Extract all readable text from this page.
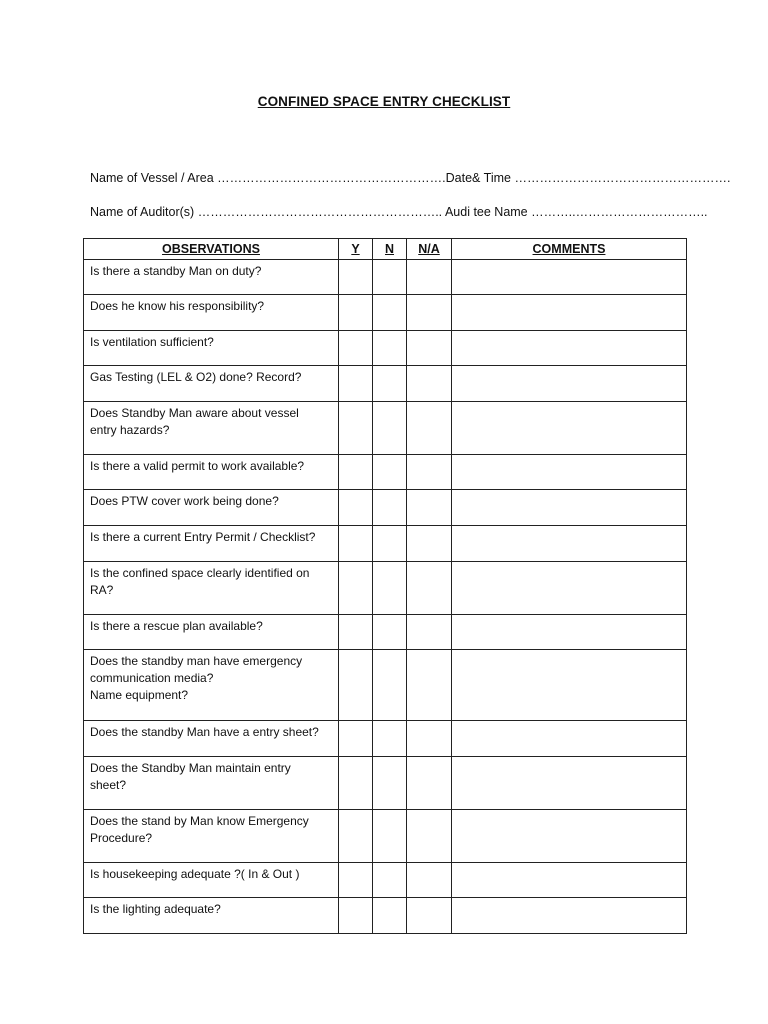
CONFINED SPACE ENTRY CHECKLIST
Name of Vessel / Area ……………………………………………….Date& Time …………………………………………….
Name of Auditor(s) ………………………………………………….. Audi tee Name ………..…………………………..
OBSERVATIONS	Y	N	N/A	COMMENTS

Is there a standby Man on duty?				

Does he know his responsibility?				

Is ventilation sufficient?				

Gas Testing (LEL & O2) done? Record?				

Does Standby Man aware about vessel
entry hazards?				

Is there a valid permit to work available?				

Does PTW cover work being done?				

Is there a current Entry Permit / Checklist?				

Is the confined space clearly identified on
RA?				

Is there a rescue plan available?				

Does the standby man have emergency
communication media?
Name equipment?				

Does the standby Man have a entry sheet?				

Does the Standby Man maintain entry
sheet?				

Does the stand by Man know Emergency
Procedure?				

Is housekeeping adequate ?( In & Out )				

Is the lighting adequate?				
